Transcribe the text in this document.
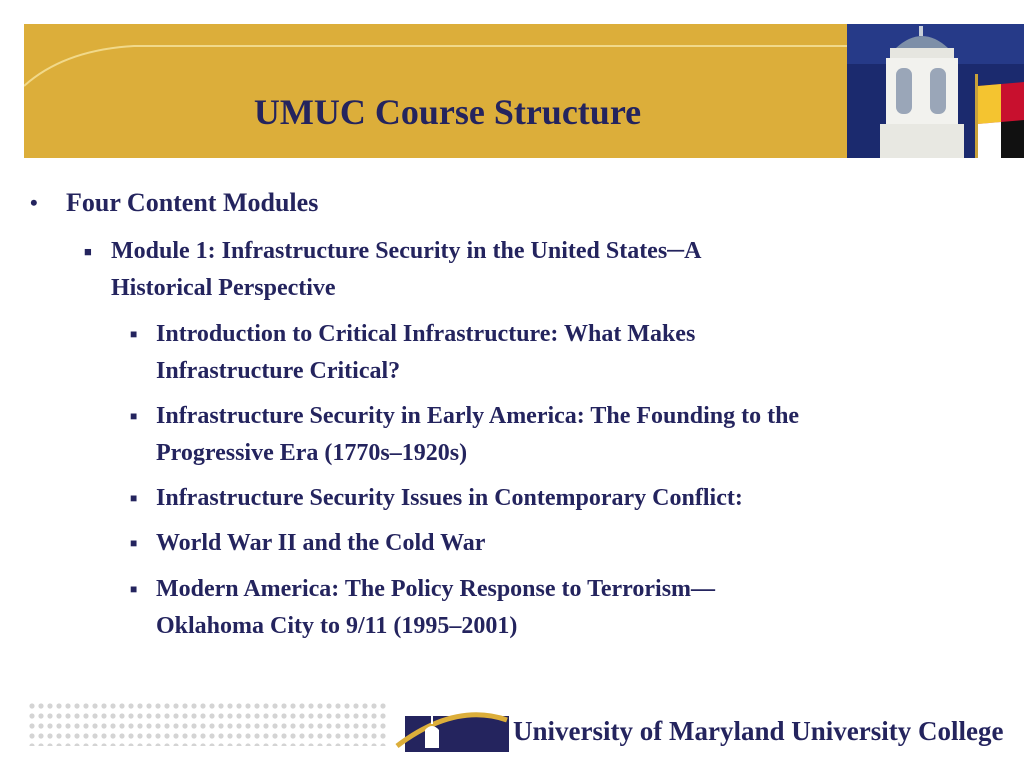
UMUC Course Structure
• Four Content Modules
■ Module 1: Infrastructure Security in the United States─A
Historical Perspective
■ Introduction to Critical Infrastructure: What Makes
Infrastructure Critical?
■ Infrastructure Security in Early America: The Founding to the
Progressive Era (1770s–1920s)
■ Infrastructure Security Issues in Contemporary Conflict:
■ World War II and the Cold War
■ Modern America: The Policy Response to Terrorism—
Oklahoma City to 9/11 (1995–2001)
University of Maryland University College
